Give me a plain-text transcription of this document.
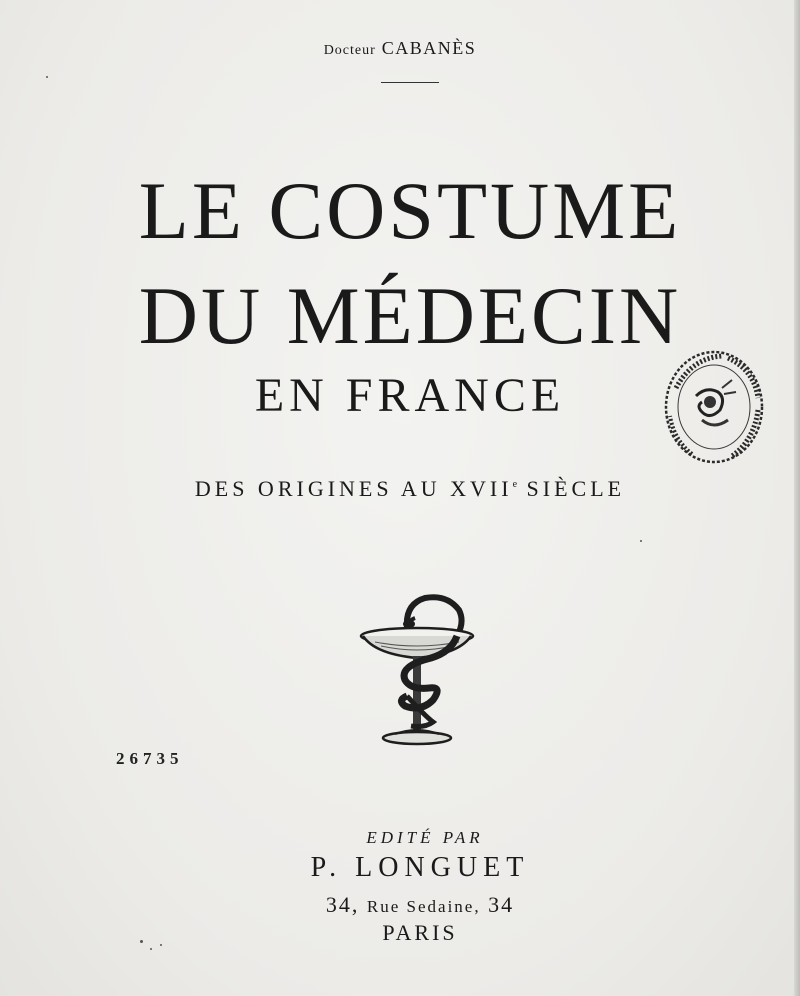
Docteur CABANÈS
LE COSTUME
DU MÉDECIN
EN FRANCE
DES ORIGINES AU XVIIe SIÈCLE
26735
EDITÉ PAR
P. LONGUET
34, Rue Sedaine, 34
PARIS
